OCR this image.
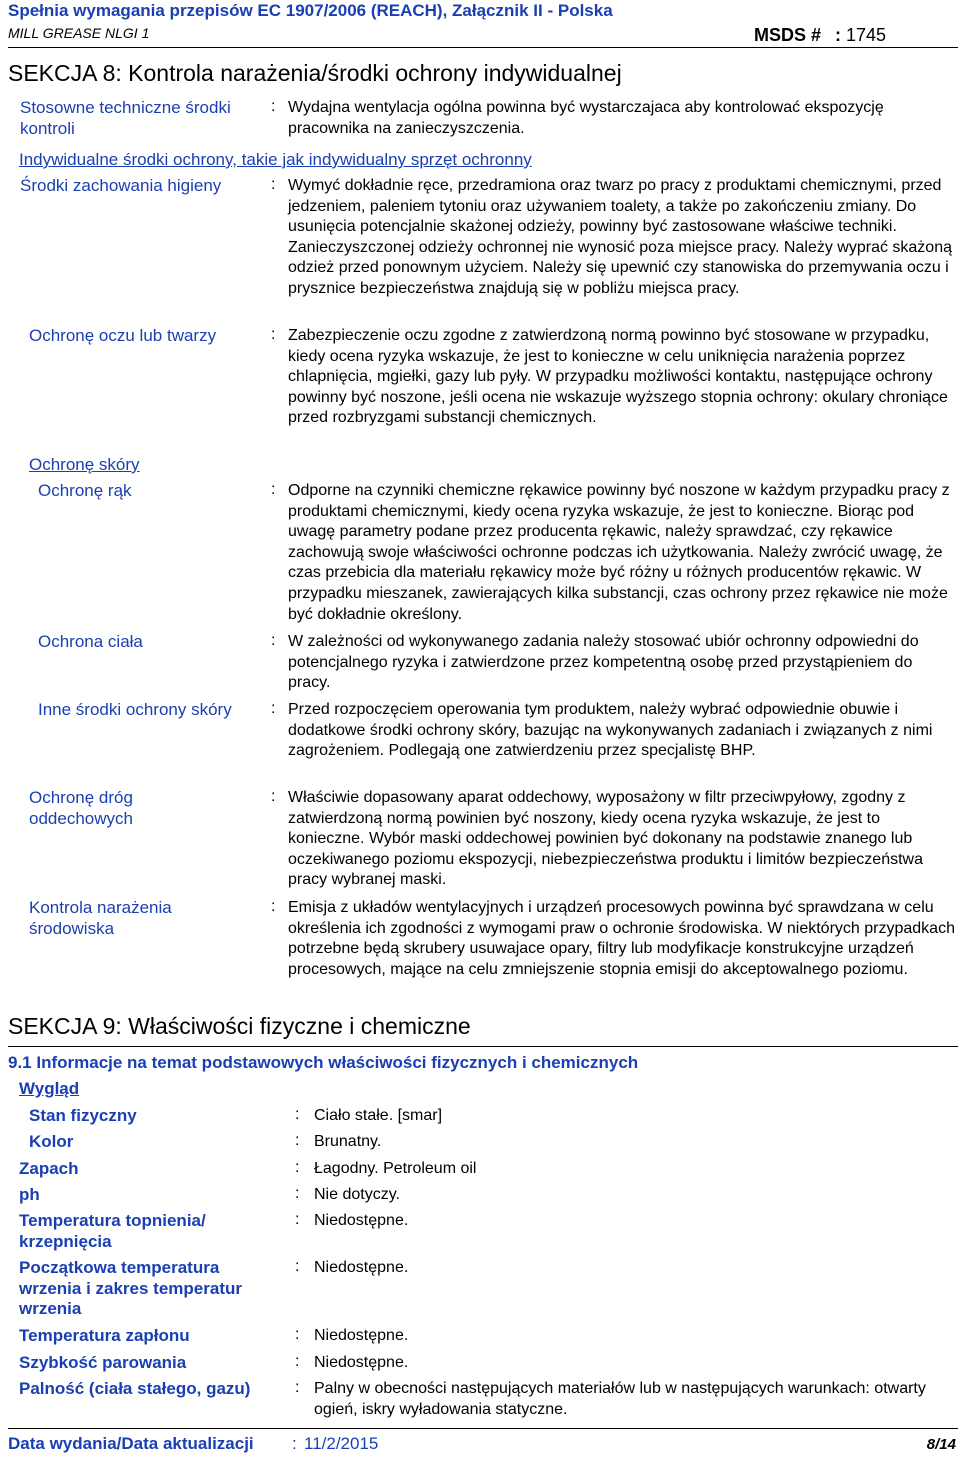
Spełnia wymagania przepisów EC 1907/2006 (REACH), Załącznik II - Polska
MILL GREASE NLGI 1	MSDS # : 1745
SEKCJA 8: Kontrola narażenia/środki ochrony indywidualnej
Stosowne techniczne środki kontroli
: Wydajna wentylacja ogólna powinna być wystarczajaca aby kontrolować ekspozycję pracownika na zanieczyszczenia.
Indywidualne środki ochrony, takie jak indywidualny sprzęt ochronny
Środki zachowania higieny	: Wymyć dokładnie ręce, przedramiona oraz twarz po pracy z produktami chemicznymi, przed jedzeniem, paleniem tytoniu oraz używaniem toalety, a także po zakończeniu zmiany. Do usunięcia potencjalnie skażonej odzieży, powinny być zastosowane właściwe techniki. Zanieczyszczonej odzieży ochronnej nie wynosić poza miejsce pracy. Należy wyprać skażoną odzież przed ponownym użyciem. Należy się upewnić czy stanowiska do przemywania oczu i prysznice bezpieczeństwa znajdują się w pobliżu miejsca pracy.
Ochronę oczu lub twarzy	: Zabezpieczenie oczu zgodne z zatwierdzoną normą powinno być stosowane w przypadku, kiedy ocena ryzyka wskazuje, że jest to konieczne w celu uniknięcia narażenia poprzez chlapnięcia, mgiełki, gazy lub pyły. W przypadku możliwości kontaktu, następujące ochrony powinny być noszone, jeśli ocena nie wskazuje wyższego stopnia ochrony: okulary chroniące przed rozbryzgami substancji chemicznych.
Ochronę skóry
Ochronę rąk	: Odporne na czynniki chemiczne rękawice powinny być noszone w każdym przypadku pracy z produktami chemicznymi, kiedy ocena ryzyka wskazuje, że jest to konieczne. Biorąc pod uwagę parametry podane przez producenta rękawic, należy sprawdzać, czy rękawice zachowują swoje właściwości ochronne podczas ich użytkowania. Należy zwrócić uwagę, że czas przebicia dla materiału rękawicy może być różny u różnych producentów rękawic. W przypadku mieszanek, zawierających kilka substancji, czas ochrony przez rękawice nie może być dokładnie określony.
Ochrona ciała	: W zależności od wykonywanego zadania należy stosować ubiór ochronny odpowiedni do potencjalnego ryzyka i zatwierdzone przez kompetentną osobę przed przystąpieniem do pracy.
Inne środki ochrony skóry	: Przed rozpoczęciem operowania tym produktem, należy wybrać odpowiednie obuwie i dodatkowe środki ochrony skóry, bazując na wykonywanych zadaniach i związanych z nimi zagrożeniem. Podlegają one zatwierdzeniu przez specjalistę BHP.
Ochronę dróg oddechowych
: Właściwie dopasowany aparat oddechowy, wyposażony w filtr przeciwpyłowy, zgodny z zatwierdzoną normą powinien być noszony, kiedy ocena ryzyka wskazuje, że jest to konieczne. Wybór maski oddechowej powinien być dokonany na podstawie znanego lub oczekiwanego poziomu ekspozycji, niebezpieczeństwa produktu i limitów bezpieczeństwa pracy wybranej maski.
Kontrola narażenia środowiska
: Emisja z układów wentylacyjnych i urządzeń procesowych powinna być sprawdzana w celu określenia ich zgodności z wymogami praw o ochronie środowiska. W niektórych przypadkach potrzebne będą skrubery usuwajace opary, filtry lub modyfikacje konstrukcyjne urządzeń procesowych, mające na celu zmniejszenie stopnia emisji do akceptowalnego poziomu.
SEKCJA 9: Właściwości fizyczne i chemiczne
9.1 Informacje na temat podstawowych właściwości fizycznych i chemicznych
Wygląd
Stan fizyczny	: Ciało stałe. [smar]
Kolor	: Brunatny.
Zapach	: Łagodny. Petroleum oil
ph	: Nie dotyczy.
Temperatura topnienia/ krzepnięcia
: Niedostępne.
Początkowa temperatura wrzenia i zakres temperatur wrzenia
: Niedostępne.
Temperatura zapłonu	: Niedostępne.
Szybkość parowania	: Niedostępne.
Palność (ciała stałego, gazu)	: Palny w obecności następujących materiałów lub w następujących warunkach: otwarty ogień, iskry wyładowania statyczne.
Data wydania/Data aktualizacji : 11/2/2015	8/14
